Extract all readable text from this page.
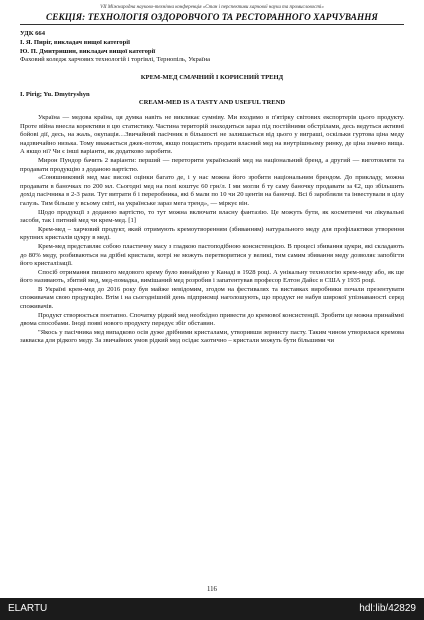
VII Міжнародна науково-технічна конференція «Стан і перспективи харчової науки та промисловості»
СЕКЦІЯ: ТЕХНОЛОГІЯ ОЗДОРОВЧОГО ТА РЕСТОРАННОГО ХАРЧУВАННЯ
УДК 664
І. Я. Пиріг, викладач вищої категорії
Ю. П. Дмитришин, викладач вищої категорії
Фаховий коледж харчових технологій і торгівлі, Тернопіль, Україна
КРЕМ-МЕД СМАЧНИЙ І КОРИСНИЙ ТРЕНД
I. Pirig; Yu. Dmytryshyn
CREAM-MED IS A TASTY AND USEFUL TREND

Україна — медова країна, ця думка навіть не викликає сумніву. Ми входимо в п'ятірку світових експортерів цього продукту. Проте війна внесла корективи в цю статистику. Частина територій знаходиться зараз під постійними обстрілами, десь ведуться активні бойові дії, десь, на жаль, окупація…Звичайний пасічник в більшості не залишається від цього у виграші, оскільки гуртова ціна меду надзвичайно низька. Тому вважається джек-потом, якщо пощастить продати власний мед на внутрішньому ринку, де ціна значно вища. А якщо ні? Чи є інші варіанти, як додатково заробити.

Мирон Пундор бачить 2 варіанти: перший — переторити український мед на національний бренд, а другий — виготовляти та продавати продукцію з доданою вартістю.

«Соняшниковий мед має високі оцінки багато де, і у нас можна його зробити національним брендом. До прикладу, можна продавати в баночках по 200 мл. Сьогодні мед на полі коштує 60 грн/л. І ми могли б ту саму баночку продавати за €2, що збільшить дохід пасічника в 2-3 рази. Тут витрати б і переробника, які б мали по 10 чи 20 центів на баночці. Всі б заробляли та інвестували в цілу галузь. Тим більше у всьому світі, на українське зараз мега тренд», — міркує він.

Щодо продукції з доданою вартістю, то тут можна включати власну фантазію. Це можуть бути, як косметичні чи лікувальні засоби, так і питний мед чи крем-мед. [1]

Крем-мед – харчовий продукт, який отримують кремоутворенням (збиванням) натурального меду для профілактики утворення крупних кристалів цукру в меді.

Крем-мед представляє собою пластичну масу з гладкою пастоподібною консистенцією. В процесі збивання цукри, які складають до 80% меду, розбиваються на дрібні кристали, котрі не можуть перетворитися у великі, тим самим збивання меду дозволяє запобігти його кристалізації.

Спосіб отримання пишного медового крему було винайдено у Канаді в 1928 році. А унікальну технологію крем-меду або, як ще його називають, збитий мед, мед-помадка, вимішаний мед розробив і запатентував професор Елтон Дайєс в США у 1935 році.

В Україні крем-мед до 2016 року був майже невідомим, згодом на фестивалях та виставках виробники почали презентувати споживачам свою продукцію. Втім і на сьогоднішній день підприємці наголошують, що продукт не набув широкої упізнаваності серед споживачів.

Продукт створюється поетапно. Спочатку рідкий мед необхідно привести до кремової консистенції. Зробити це можна принаймні двома способами. Іноді появі нового продукту передує збіг обставин.

"Якось у пасічника мед випадково осів дуже дрібними кристалами, утворивши зернисту пасту. Таким чином утворилася кремова закваска для рідкого меду. За звичайних умов рідкий мед осідає хаотично – кристали можуть бути більшими чи

116
ELARTU	hdl:lib/42829
